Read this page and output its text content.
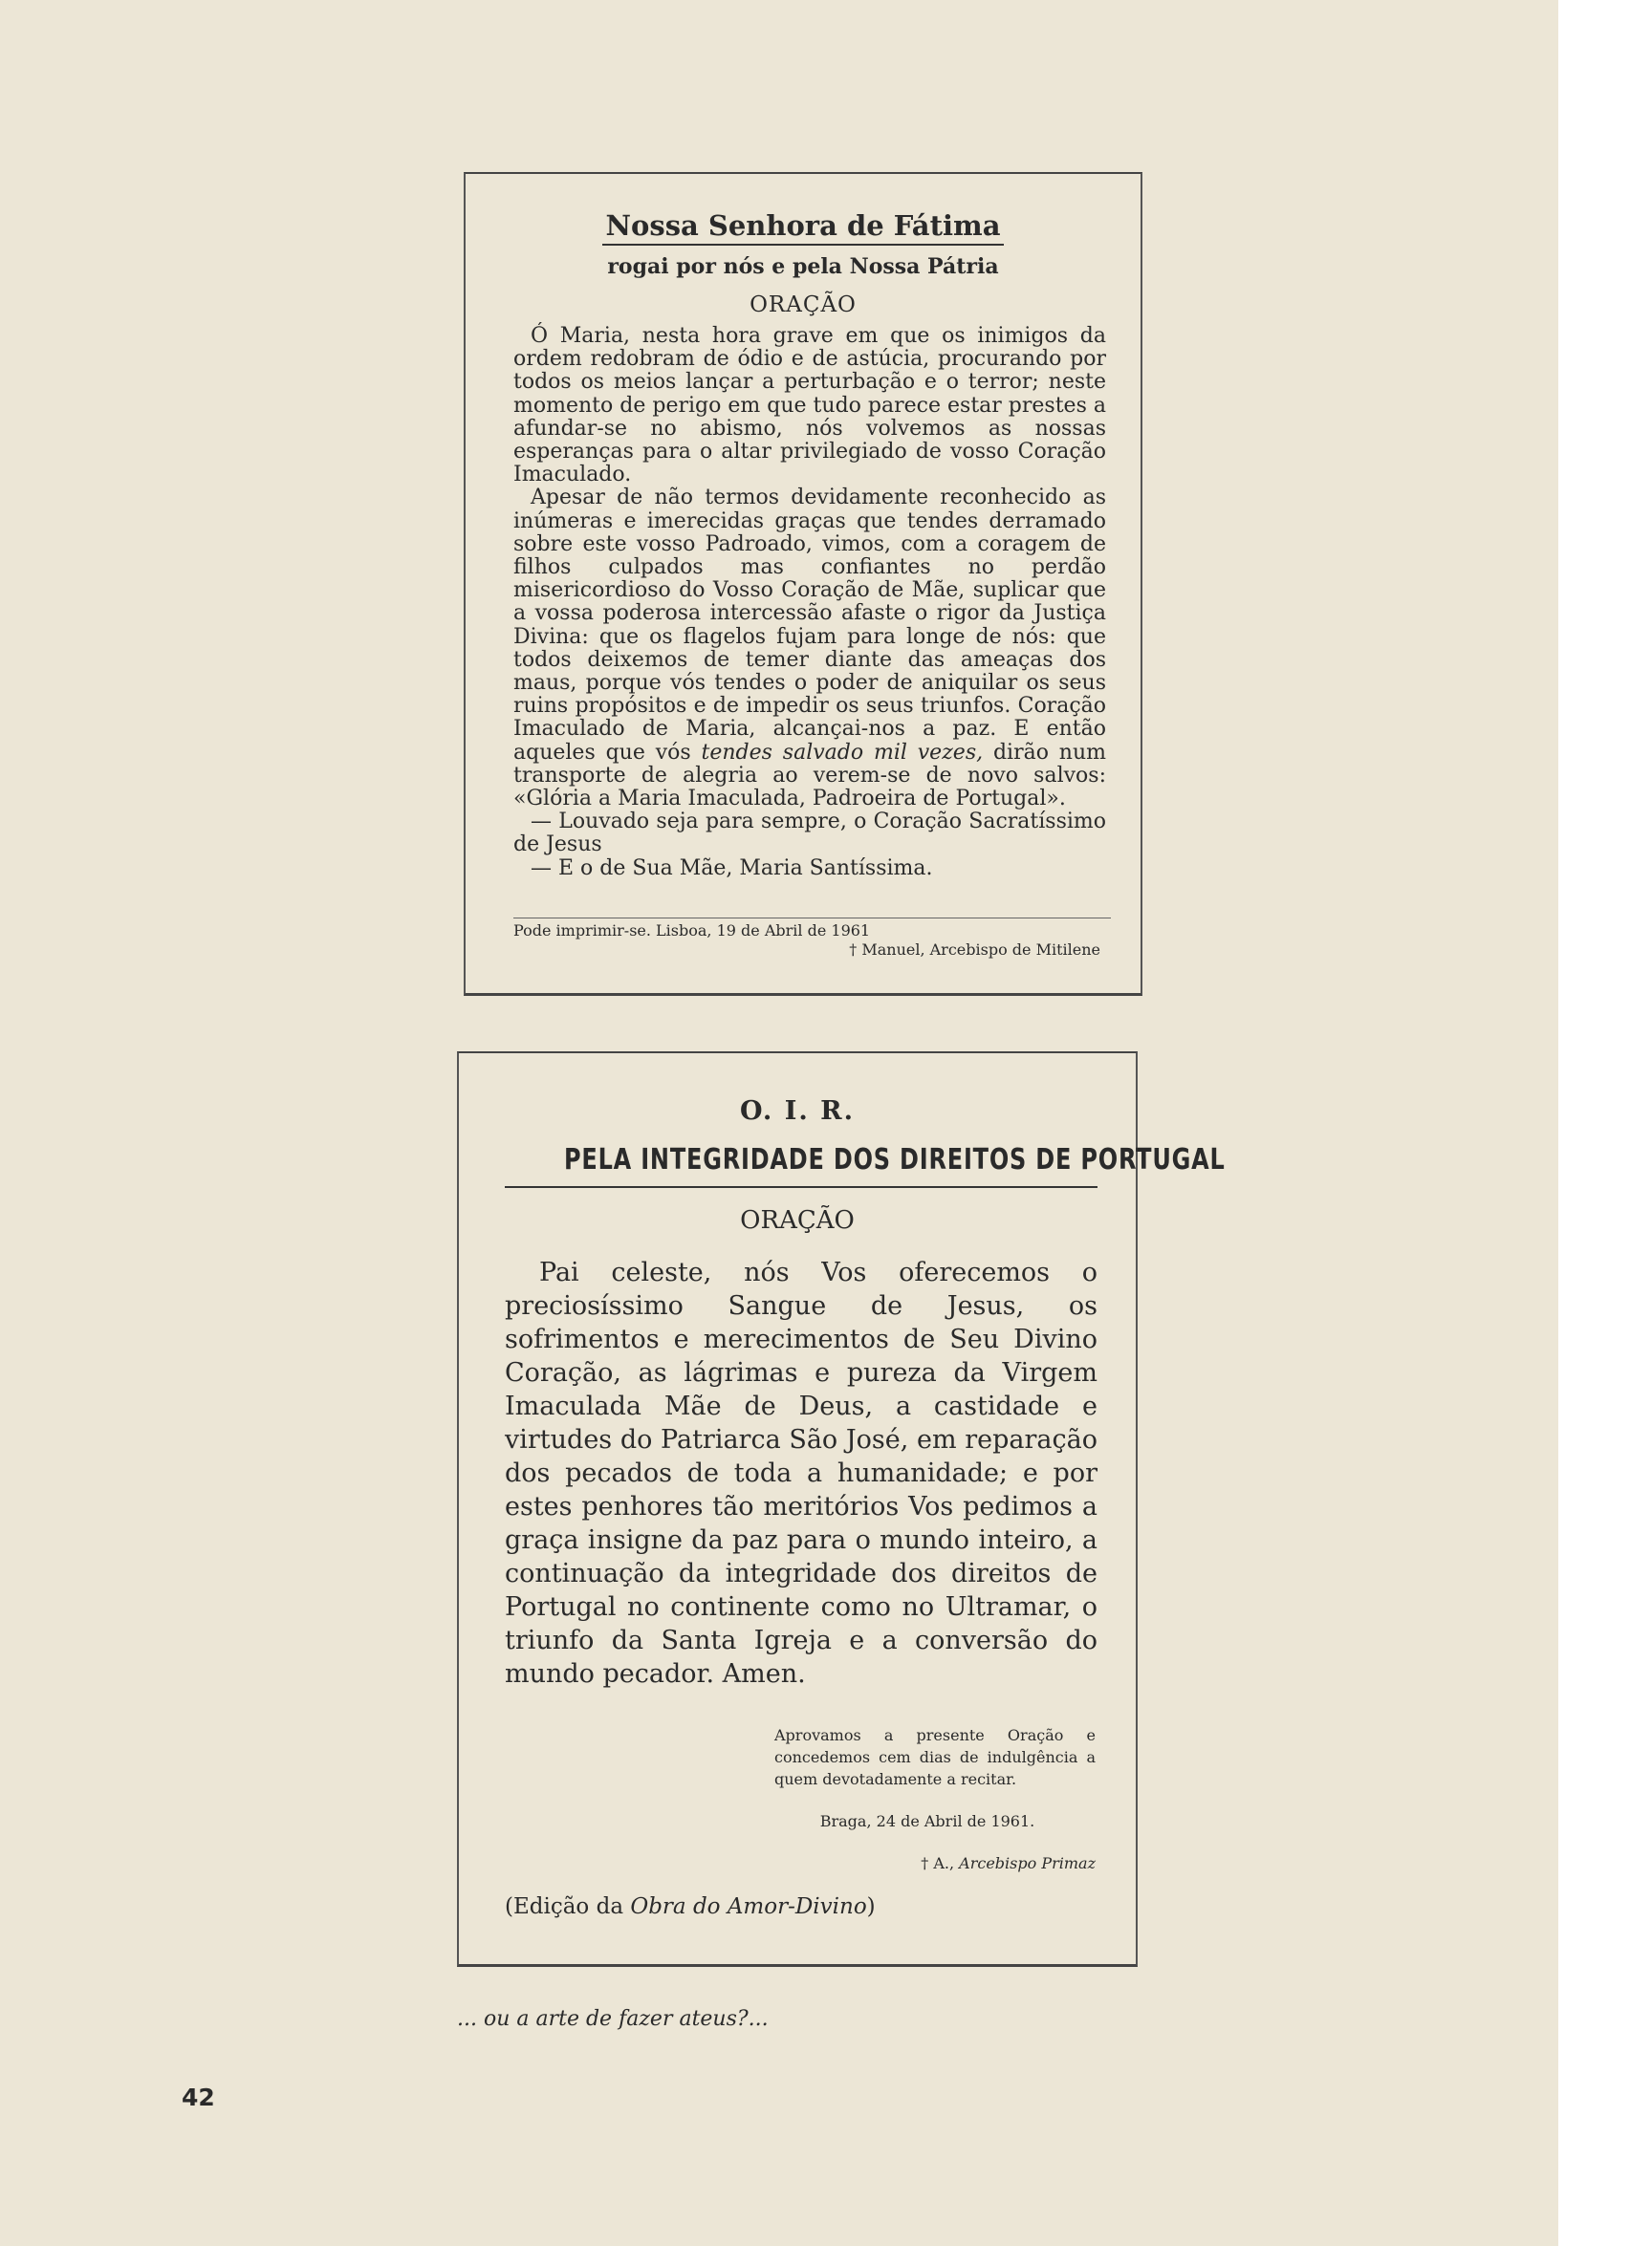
Nossa Senhora de Fátima
rogai por nós e pela Nossa Pátria
ORAÇÃO

Ó Maria, nesta hora grave em que os inimigos da ordem redobram de ódio e de astúcia, procurando por todos os meios lançar a perturbação e o terror; neste momento de perigo em que tudo parece estar prestes a afundar-se no abismo, nós volvemos as nossas esperanças para o altar privilegiado de vosso Coração Imaculado.

Apesar de não termos devidamente reconhecido as inúmeras e imerecidas graças que tendes derramado sobre este vosso Padroado, vimos, com a coragem de filhos culpados mas confiantes no perdão misericordioso do Vosso Coração de Mãe, suplicar que a vossa poderosa intercessão afaste o rigor da Justiça Divina: que os flagelos fujam para longe de nós: que todos deixemos de temer diante das ameaças dos maus, porque vós tendes o poder de aniquilar os seus ruins propósitos e de impedir os seus triunfos. Coração Imaculado de Maria, alcançai-nos a paz. E então aqueles que vós tendes salvado mil vezes, dirão num transporte de alegria ao verem-se de novo salvos: «Glória a Maria Imaculada, Padroeira de Portugal».

— Louvado seja para sempre, o Coração Sacratíssimo de Jesus

— E o de Sua Mãe, Maria Santíssima.

Pode imprimir-se. Lisboa, 19 de Abril de 1961
† Manuel, Arcebispo de Mitilene
O. I. R.
PELA INTEGRIDADE DOS DIREITOS DE PORTUGAL
ORAÇÃO

Pai celeste, nós Vos oferecemos o preciosíssimo Sangue de Jesus, os sofrimentos e merecimentos de Seu Divino Coração, as lágrimas e pureza da Virgem Imaculada Mãe de Deus, a castidade e virtudes do Patriarca São José, em reparação dos pecados de toda a humanidade; e por estes penhores tão meritórios Vos pedimos a graça insigne da paz para o mundo inteiro, a continuação da integridade dos direitos de Portugal no continente como no Ultramar, o triunfo da Santa Igreja e a conversão do mundo pecador. Amen.

Aprovamos a presente Oração e concedemos cem dias de indulgência a quem devotadamente a recitar.
Braga, 24 de Abril de 1961.
† A., Arcebispo Primaz
(Edição da Obra do Amor-Divino)
... ou a arte de fazer ateus?...
42
